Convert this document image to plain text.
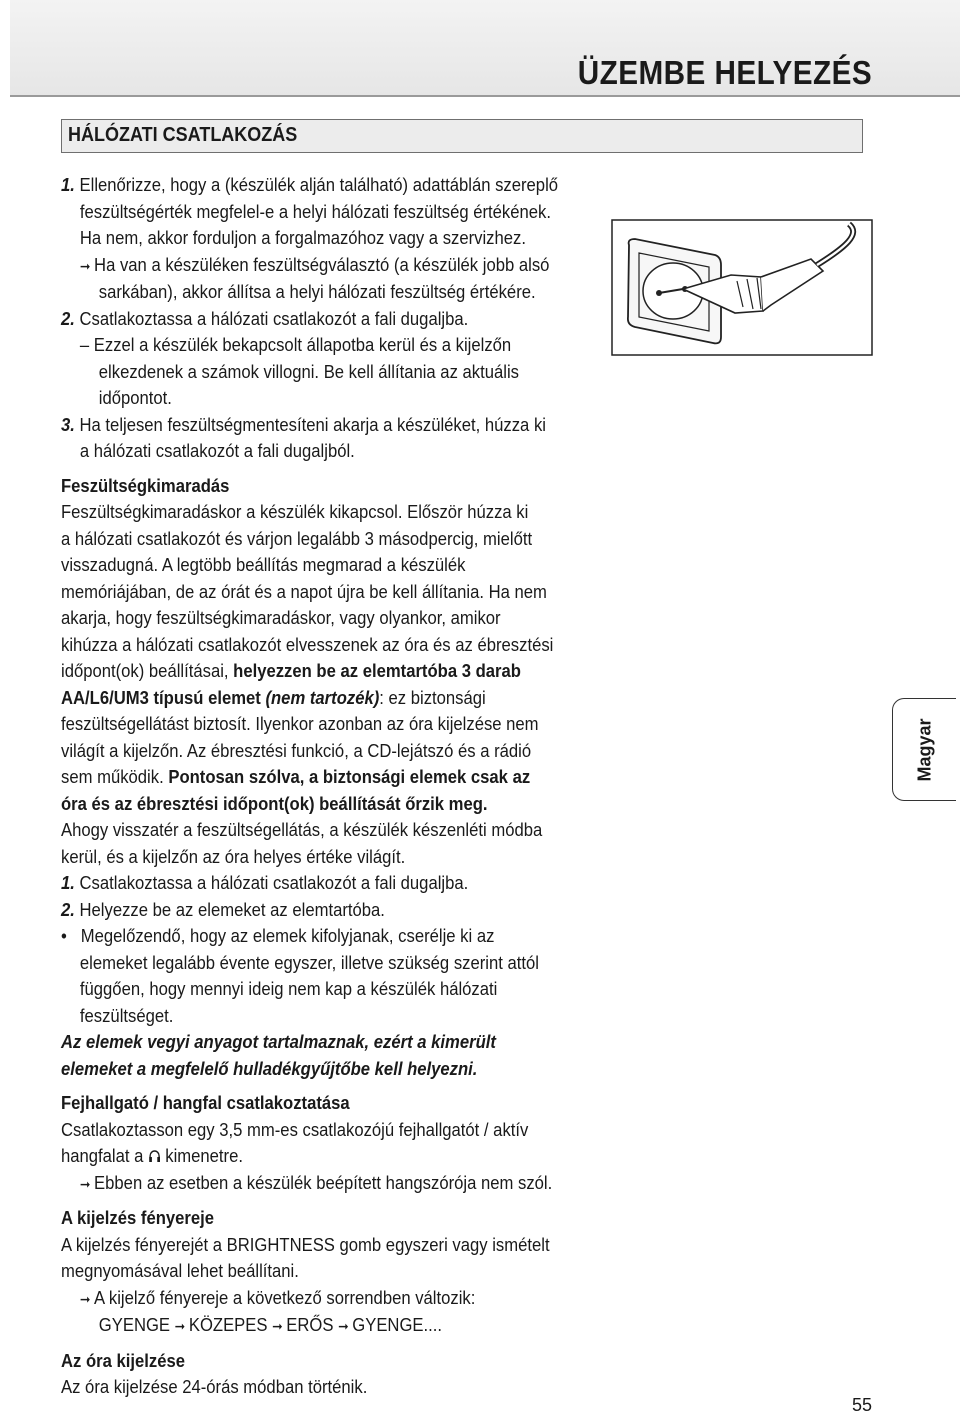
ÜZEMBE HELYEZÉS
HÁLÓZATI CSATLAKOZÁS
1. Ellenőrizze, hogy a (készülék alján található) adattáblán szereplő
feszültségérték megfelel-e a helyi hálózati feszültség értékének.
Ha nem, akkor forduljon a forgalmazóhoz vagy a szervizhez.
➞ Ha van a készüléken feszültségválasztó (a készülék jobb alsó
sarkában), akkor állítsa a helyi hálózati feszültség értékére.
2. Csatlakoztassa a hálózati csatlakozót a fali dugaljba.
– Ezzel a készülék bekapcsolt állapotba kerül és a kijelzőn
elkezdenek a számok villogni. Be kell állítania az aktuális
időpontot.
3. Ha teljesen feszültségmentesíteni akarja a készüléket, húzza ki
a hálózati csatlakozót a fali dugaljból.
Feszültségkimaradás
Feszültségkimaradáskor a készülék kikapcsol. Először húzza ki
a hálózati csatlakozót és várjon legalább 3 másodpercig, mielőtt
visszadugná. A legtöbb beállítás megmarad a készülék
memóriájában, de az órát és a napot újra be kell állítania. Ha nem
akarja, hogy feszültségkimaradáskor, vagy olyankor, amikor
kihúzza a hálózati csatlakozót elvesszenek az óra és az ébresztési
időpont(ok) beállításai, helyezzen be az elemtartóba 3 darab
AA/L6/UM3 típusú elemet (nem tartozék): ez biztonsági
feszültségellátást biztosít. Ilyenkor azonban az óra kijelzése nem
világít a kijelzőn. Az ébresztési funkció, a CD-lejátszó és a rádió
sem működik. Pontosan szólva, a biztonsági elemek csak az
óra és az ébresztési időpont(ok) beállítását őrzik meg.
Ahogy visszatér a feszültségellátás, a készülék készenléti módba
kerül, és a kijelzőn az óra helyes értéke világít.
1. Csatlakoztassa a hálózati csatlakozót a fali dugaljba.
2. Helyezze be az elemeket az elemtartóba.
• Megelőzendő, hogy az elemek kifolyjanak, cserélje ki az
elemeket legalább évente egyszer, illetve szükség szerint attól
függően, hogy mennyi ideig nem kap a készülék hálózati
feszültséget.
Az elemek vegyi anyagot tartalmaznak, ezért a kimerült
elemeket a megfelelő hulladékgyűjtőbe kell helyezni.
Fejhallgató / hangfal csatlakoztatása
Csatlakoztasson egy 3,5 mm-es csatlakozójú fejhallgatót / aktív
hangfalat a  kimenetre.
➞ Ebben az esetben a készülék beépített hangszórója nem szól.
A kijelzés fényereje
A kijelzés fényerejét a BRIGHTNESS gomb egyszeri vagy ismételt
megnyomásával lehet beállítani.
➞ A kijelző fényereje a következő sorrendben változik:
GYENGE ➞ KÖZEPES ➞ ERŐS ➞ GYENGE....
Az óra kijelzése
Az óra kijelzése 24-órás módban történik.
Magyar
55
